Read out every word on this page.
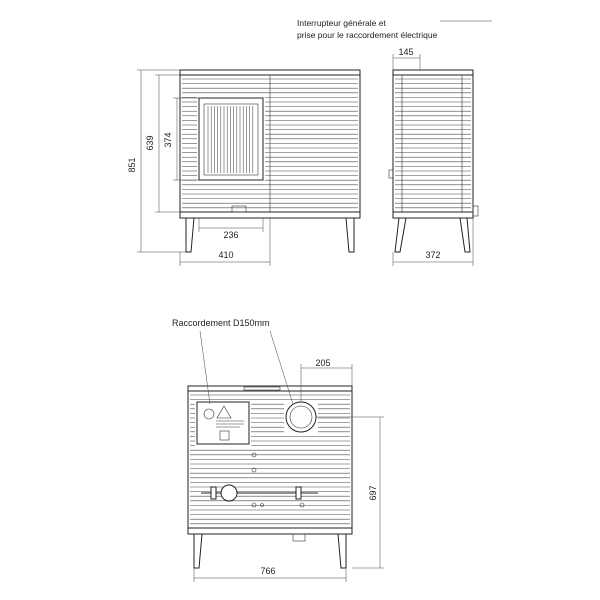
Interrupteur générale et
prise pour le raccordement électrique
851
639 374
236
410
145
372
Raccordement D150mm
205
697
766
